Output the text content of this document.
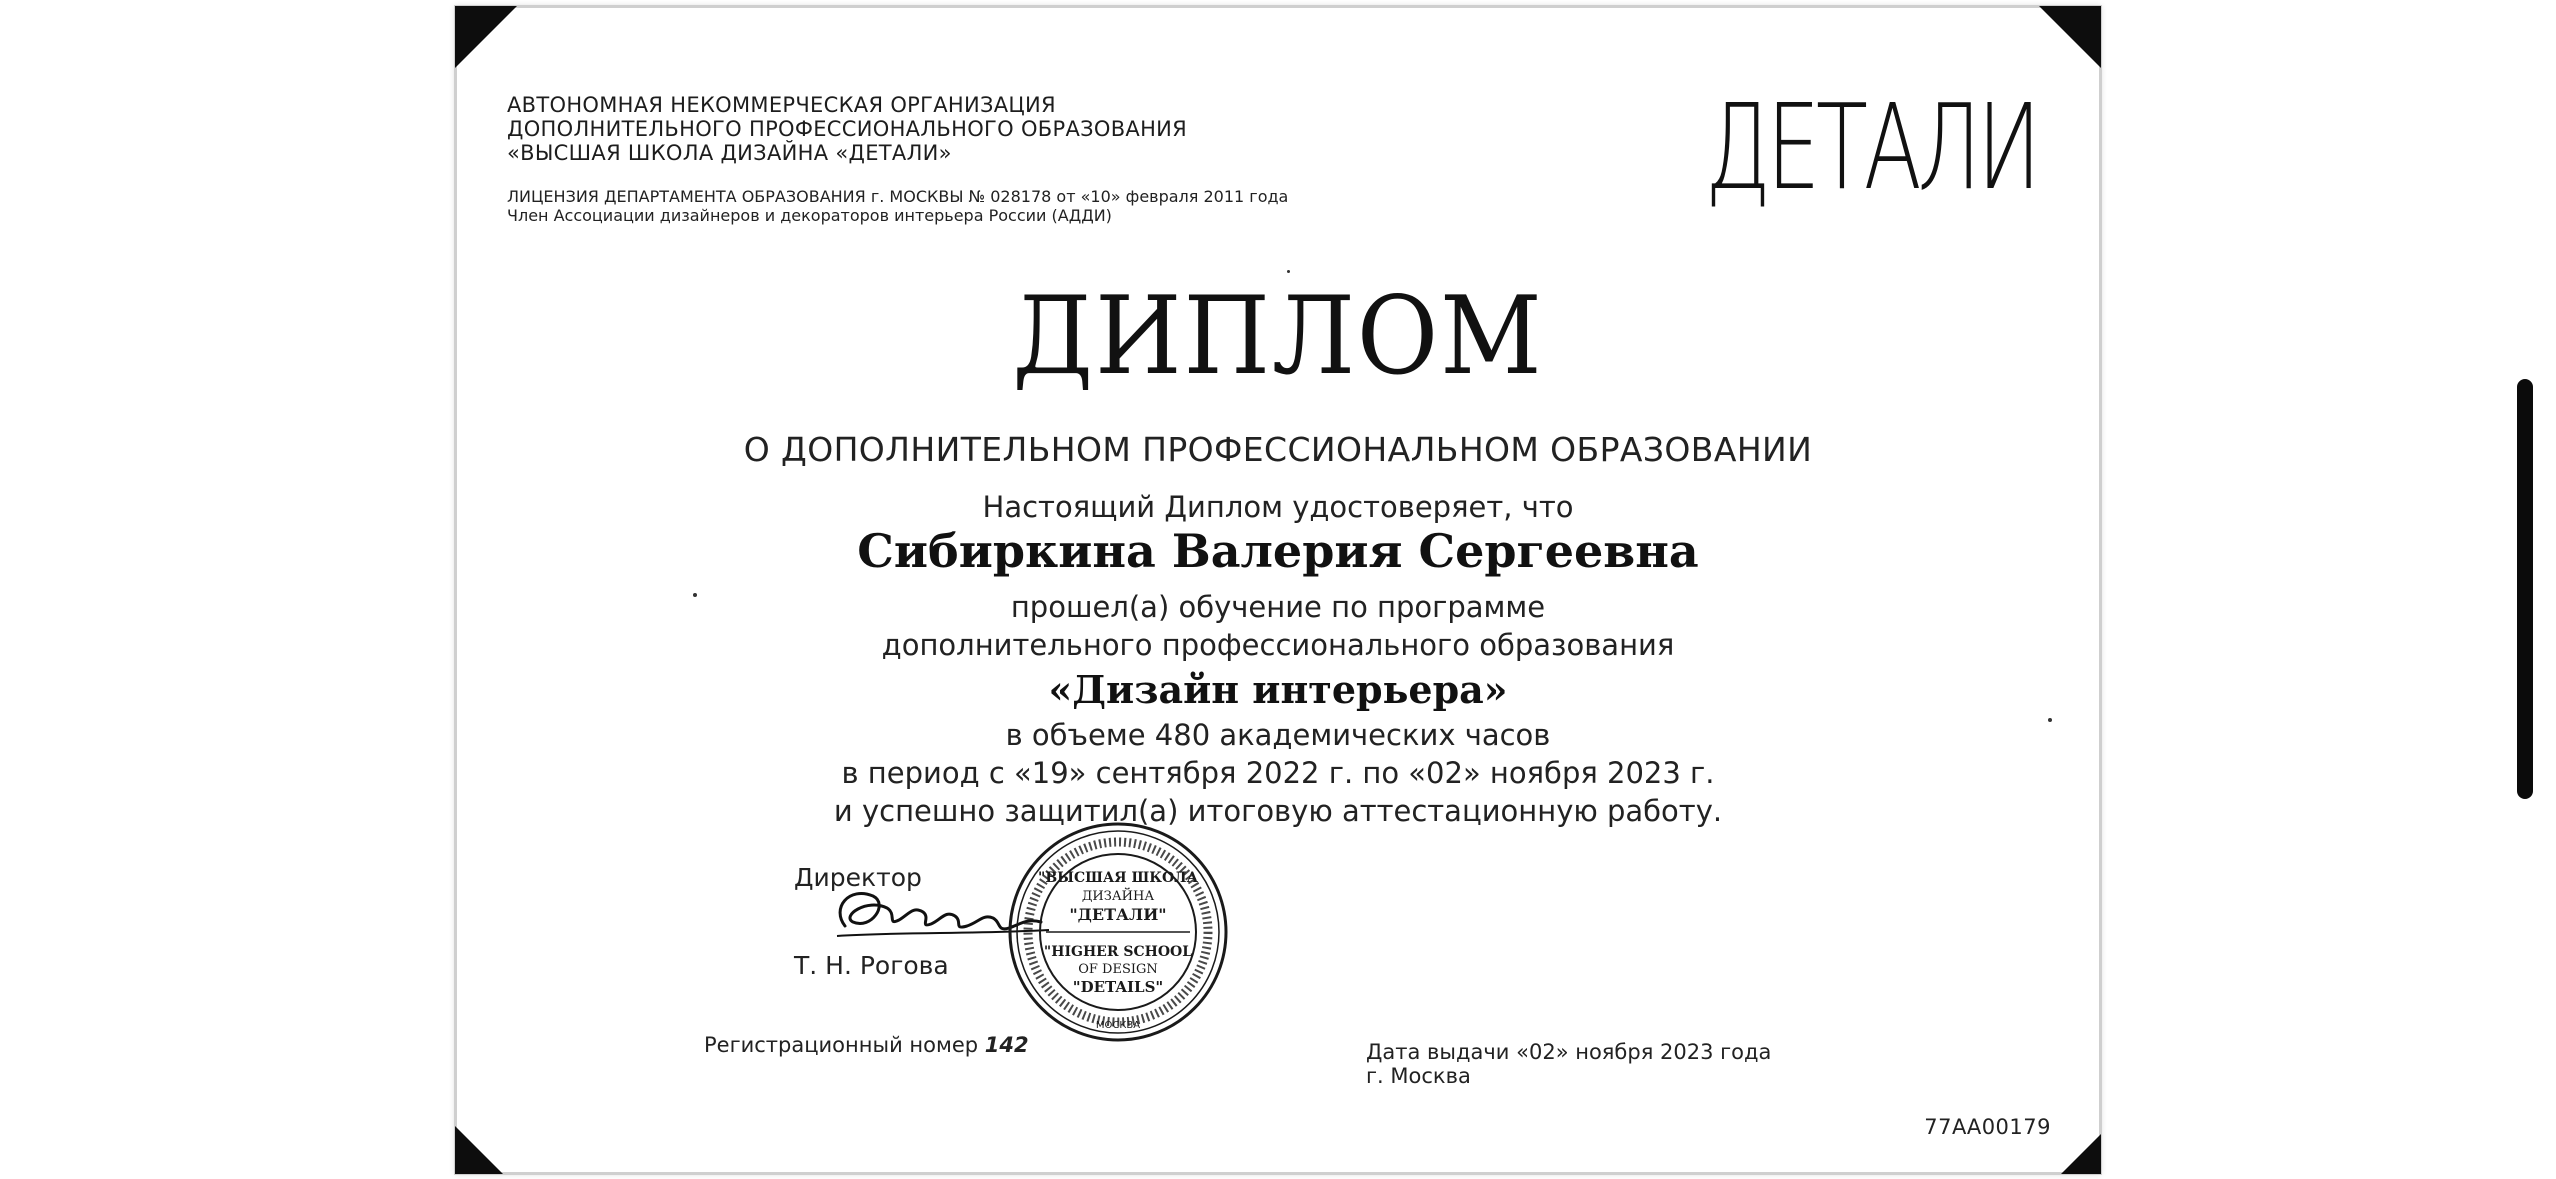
АВТОНОМНАЯ НЕКОММЕРЧЕСКАЯ ОРГАНИЗАЦИЯ
ДОПОЛНИТЕЛЬНОГО ПРОФЕССИОНАЛЬНОГО ОБРАЗОВАНИЯ
«ВЫСШАЯ ШКОЛА ДИЗАЙНА «ДЕТАЛИ»
ЛИЦЕНЗИЯ ДЕПАРТАМЕНТА ОБРАЗОВАНИЯ г. МОСКВЫ № 028178 от «10» февраля 2011 года
Член Ассоциации дизайнеров и декораторов интерьера России (АДДИ)	ДЕТАЛИ
ДИПЛОМ
О ДОПОЛНИТЕЛЬНОМ ПРОФЕССИОНАЛЬНОМ ОБРАЗОВАНИИ
Настоящий Диплом удостоверяет, что
Сибиркина Валерия Сергеевна
прошел(а) обучение по программе
дополнительного профессионального образования
«Дизайн интерьера»
в объеме 480 академических часов
в период с «19» сентября 2022 г. по «02» ноября 2023 г.
и успешно защитил(а) итоговую аттестационную работу.
Директор
Т. Н. Рогова
"ВЫСШАЯ ШКОЛА
ДИЗАЙНА
"ДЕТАЛИ"
"HIGHER SCHOOL
OF DESIGN
"DETAILS"
МОСКВА
Регистрационный номер 142	Дата выдачи «02» ноября 2023 года
г. Москва
77АА00179
